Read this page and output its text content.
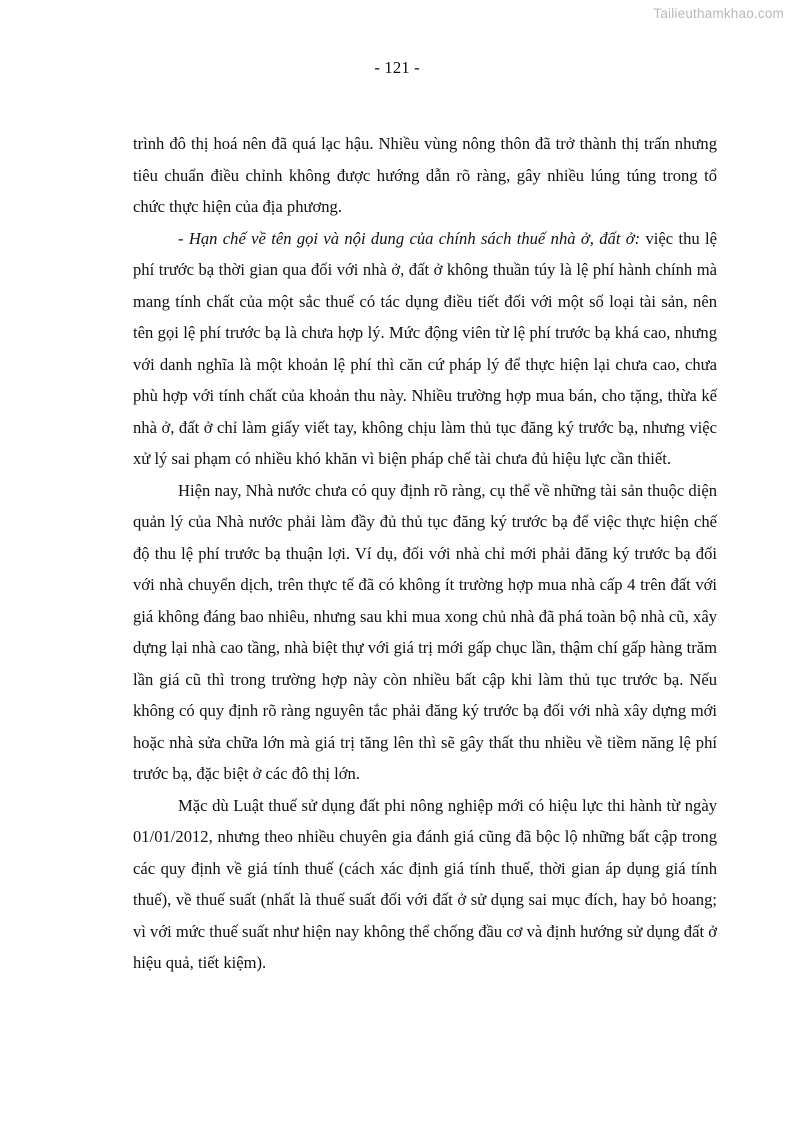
Tailieuthamkhao.com
- 121 -

trình đô thị hoá nên đã quá lạc hậu. Nhiều vùng nông thôn đã trở thành thị trấn nhưng tiêu chuẩn điều chỉnh không được hướng dẫn rõ ràng, gây nhiều lúng túng trong tổ chức thực hiện của địa phương.

- Hạn chế về tên gọi và nội dung của chính sách thuế nhà ở, đất ở: việc thu lệ phí trước bạ thời gian qua đối với nhà ở, đất ở không thuần túy là lệ phí hành chính mà mang tính chất của một sắc thuế có tác dụng điều tiết đối với một số loại tài sản, nên tên gọi lệ phí trước bạ là chưa hợp lý. Mức động viên từ lệ phí trước bạ khá cao, nhưng với danh nghĩa là một khoản lệ phí thì căn cứ pháp lý để thực hiện lại chưa cao, chưa phù hợp với tính chất của khoản thu này. Nhiều trường hợp mua bán, cho tặng, thừa kế nhà ở, đất ở chỉ làm giấy viết tay, không chịu làm thủ tục đăng ký trước bạ, nhưng việc xử lý sai phạm có nhiều khó khăn vì biện pháp chế tài chưa đủ hiệu lực cần thiết.

Hiện nay, Nhà nước chưa có quy định rõ ràng, cụ thể về những tài sản thuộc diện quản lý của Nhà nước phải làm đầy đủ thủ tục đăng ký trước bạ để việc thực hiện chế độ thu lệ phí trước bạ thuận lợi. Ví dụ, đối với nhà chỉ mới phải đăng ký trước bạ đối với nhà chuyển dịch, trên thực tế đã có không ít trường hợp mua nhà cấp 4 trên đất với giá không đáng bao nhiêu, nhưng sau khi mua xong chủ nhà đã phá toàn bộ nhà cũ, xây dựng lại nhà cao tầng, nhà biệt thự với giá trị mới gấp chục lần, thậm chí gấp hàng trăm lần giá cũ thì trong trường hợp này còn nhiều bất cập khi làm thủ tục trước bạ. Nếu không có quy định rõ ràng nguyên tắc phải đăng ký trước bạ đối với nhà xây dựng mới hoặc nhà sửa chữa lớn mà giá trị tăng lên thì sẽ gây thất thu nhiều về tiềm năng lệ phí trước bạ, đặc biệt ở các đô thị lớn.

Mặc dù Luật thuế sử dụng đất phi nông nghiệp mới có hiệu lực thi hành từ ngày 01/01/2012, nhưng theo nhiều chuyên gia đánh giá cũng đã bộc lộ những bất cập trong các quy định về giá tính thuế (cách xác định giá tính thuế, thời gian áp dụng giá tính thuế), về thuế suất (nhất là thuế suất đối với đất ở sử dụng sai mục đích, hay bỏ hoang; vì với mức thuế suất như hiện nay không thể chống đầu cơ và định hướng sử dụng đất ở hiệu quả, tiết kiệm).
